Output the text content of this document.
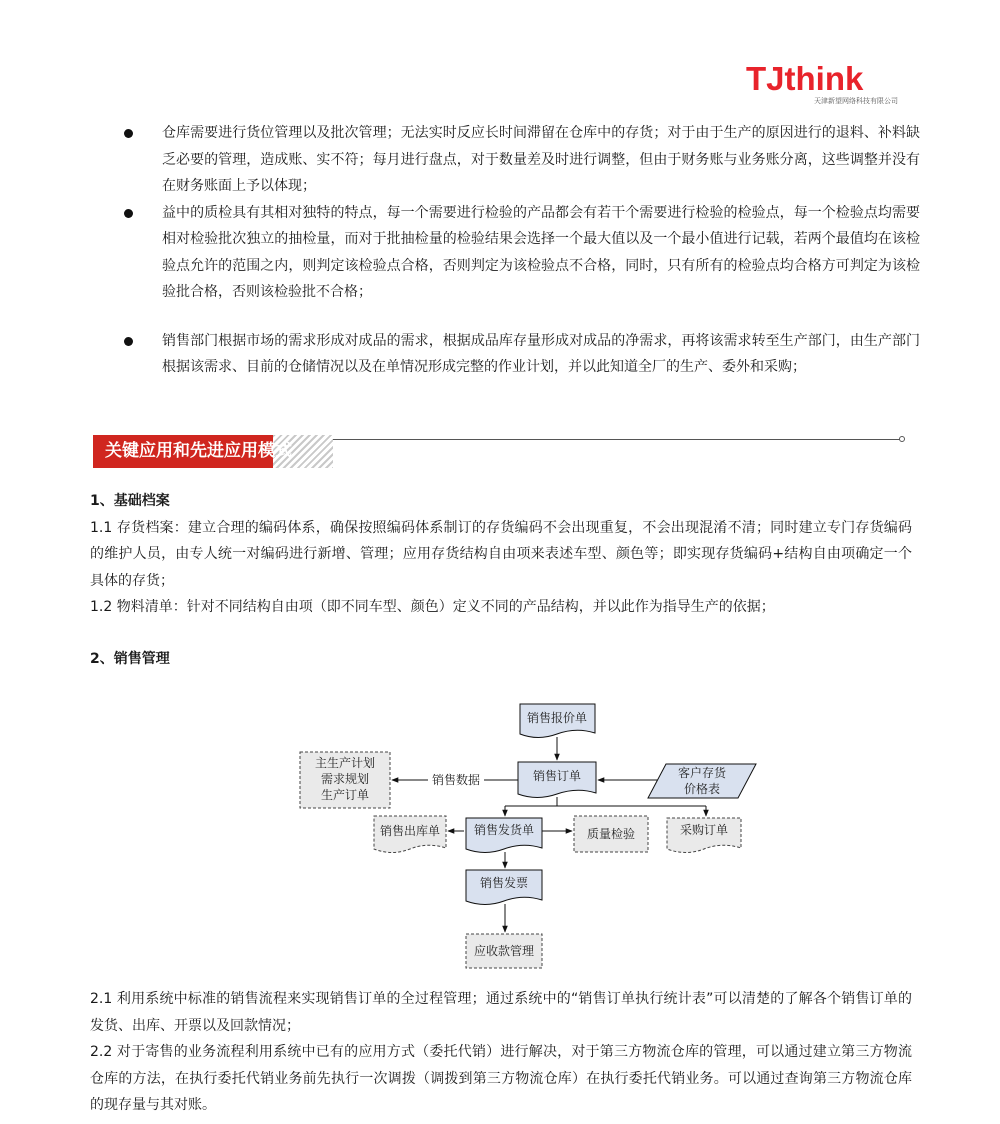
TJthink
天津新望网络科技有限公司
仓库需要进行货位管理以及批次管理；无法实时反应长时间滞留在仓库中的存货；对于由于生产的原因进行的退料、补料缺乏必要的管理，造成账、实不符；每月进行盘点，对于数量差及时进行调整，但由于财务账与业务账分离，这些调整并没有在财务账面上予以体现；
益中的质检具有其相对独特的特点，每一个需要进行检验的产品都会有若干个需要进行检验的检验点，每一个检验点均需要相对检验批次独立的抽检量，而对于批抽检量的检验结果会选择一个最大值以及一个最小值进行记载，若两个最值均在该检验点允许的范围之内，则判定该检验点合格，否则判定为该检验点不合格，同时，只有所有的检验点均合格方可判定为该检验批合格，否则该检验批不合格；
销售部门根据市场的需求形成对成品的需求，根据成品库存量形成对成品的净需求，再将该需求转至生产部门，由生产部门根据该需求、目前的仓储情况以及在单情况形成完整的作业计划，并以此知道全厂的生产、委外和采购；
关键应用和先进应用模式
1、基础档案
1.1 存货档案：建立合理的编码体系，确保按照编码体系制订的存货编码不会出现重复，不会出现混淆不清；同时建立专门存货编码的维护人员，由专人统一对编码进行新增、管理；应用存货结构自由项来表述车型、颜色等；即实现存货编码+结构自由项确定一个具体的存货；
1.2 物料清单：针对不同结构自由项（即不同车型、颜色）定义不同的产品结构，并以此作为指导生产的依据；
2、销售管理
销售报价单
销售订单
主生产计划
需求规划
生产订单
销售数据	客户存货
价格表
销售出库单	销售发货单	质量检验	采购订单
销售发票
应收款管理
2.1 利用系统中标准的销售流程来实现销售订单的全过程管理；通过系统中的“销售订单执行统计表”可以清楚的了解各个销售订单的发货、出库、开票以及回款情况；
2.2 对于寄售的业务流程利用系统中已有的应用方式（委托代销）进行解决，对于第三方物流仓库的管理，可以通过建立第三方物流仓库的方法，在执行委托代销业务前先执行一次调拨（调拨到第三方物流仓库）在执行委托代销业务。可以通过查询第三方物流仓库的现存量与其对账。
